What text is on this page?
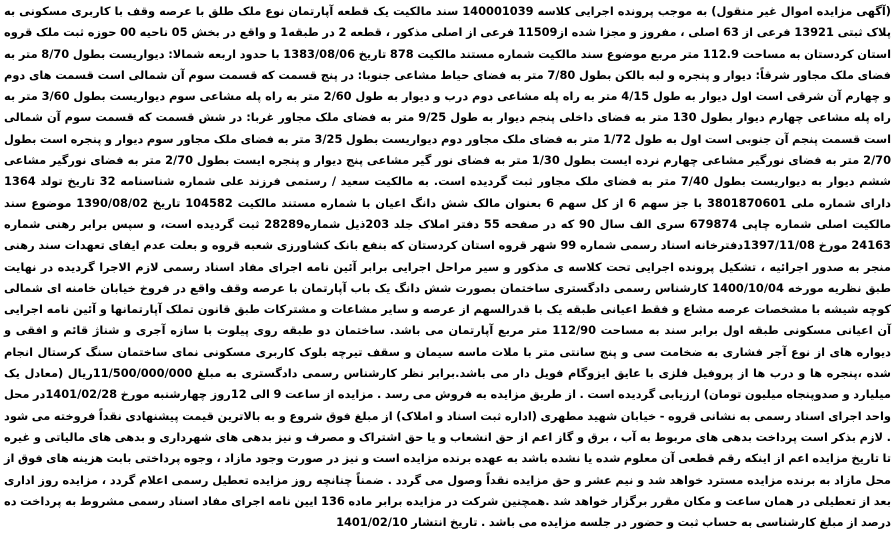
(آگهی مزایده اموال غیر منقول) به موجب پرونده اجرایی کلاسه 140001039 سند مالکیت یک قطعه آپارتمان نوع ملک طلق با عرصه وقف با کاربری مسکونی به پلاک ثبتی 13921 فرعی از 63 اصلی ، مفروز و مجزا شده از11509 فرعی از اصلی مذکور ، قطعه 2 در طبقه1 و واقع در بخش 05 ناحیه 00 حوزه ثبت ملک قروه استان کردستان به مساحت 112.9 متر مربع موضوع سند مالکیت شماره مستند مالکیت 878 تاریخ 1383/08/06 با حدود اربعه شمالا: دیواریست بطول 8/70 متر به فضای ملک مجاور شرقاً: دیوار و پنجره و لبه بالکن بطول 7/80 متر به فضای حیاط مشاعی جنوبا: در پنج قسمت که قسمت سوم آن شمالی است قسمت های دوم و چهارم آن شرقی است اول دیوار به طول 4/15 متر به راه پله مشاعی دوم درب و دیوار به طول 2/60 متر به راه پله مشاعی سوم دیواریست بطول 3/60 متر به راه پله مشاعی چهارم دیوار بطول 130 متر به فضای داخلی پنجم دیوار به طول 9/25 متر به فضای ملک مجاور غربا: در شش قسمت که قسمت سوم آن شمالی است قسمت پنجم آن جنوبی است اول به طول 1/72 متر به فضای ملک مجاور دوم دیواریست بطول 3/25 متر به فضای ملک مجاور سوم دیوار و پنجره است بطول 2/70 متر به فضای نورگیر مشاعی چهارم نرده ایست بطول 1/30 متر به فضای نور گیر مشاعی پنج دیوار و پنجره ایست بطول 2/70 متر به فضای نورگیر مشاعی ششم دیوار به دیواریست بطول 7/40 متر به فضای ملک مجاور ثبت گردیده است. به مالکیت سعید / رستمی فرزند علی شماره شناسنامه 32 تاریخ تولد 1364 دارای شماره ملی 3801870601 با جز سهم 6 از کل سهم 6 بعنوان مالک شش دانگ اعیان با شماره مستند مالکیت 104582 تاریخ 1390/08/02 موضوع سند مالکیت اصلی شماره چاپی 679874 سری الف سال 90 که در صفحه 55 دفتر املاک جلد 203ذیل شماره28289 ثبت گردیده است، و سپس برابر رهنی شماره 24163 مورخ 1397/11/08دفترخانه اسناد رسمی شماره 99 شهر قروه استان کردستان که بنفع بانک کشاورزی شعبه قروه و بعلت عدم ایفای تعهدات سند رهنی منجر به صدور اجرائیه ، تشکیل پرونده اجرایی تحت کلاسه ی مذکور و سیر مراحل اجرایی برابر آئین نامه اجرای مفاد اسناد رسمی لازم الاجرا گردیده در نهایت طبق نظریه مورخه 1400/10/04 کارشناس رسمی دادگستری ساختمان بصورت شش دانگ یک باب آپارتمان با عرصه وقف واقع در فروخ خیابان خامنه ای شمالی کوچه شیشه با مشخصات عرصه مشاع و فقط اعیانی طبقه یک با قدرالسهم از عرصه و سایر مشاعات و مشترکات طبق قانون تملک آپارتمانها و آئین نامه اجرایی آن اعیانی مسکونی طبقه اول برابر سند به مساحت 112/90 متر مربع آپارتمان می باشد. ساختمان دو طبقه روی پیلوت با سازه آجری و شناژ قائم و افقی و دیواره های از نوع آجر فشاری به ضخامت سی و پنج سانتی متر با ملات ماسه سیمان و سقف تیرچه بلوک کاربری مسکونی نمای ساختمان سنگ کرستال انجام شده ،پنجره ها و درب ها از پروفیل فلزی با عایق ایزوگام فویل دار می باشد.برابر نظر کارشناس رسمی دادگستری به مبلغ 11/500/000/000ریال (معادل یک میلیارد و صدوپنجاه میلیون تومان) ارزیابی گردیده است . از طریق مزایده به فروش می رسد . مزایده از ساعت 9 الی 12روز چهارشنبه مورخ 1401/02/28در محل واحد اجرای اسناد رسمی به نشانی قروه - خیابان شهید مطهری (اداره ثبت اسناد و املاک) از مبلغ فوق شروع و به بالاترین قیمت پیشنهادی نقداً فروخته می شود . لازم بذکر است پرداخت بدهی های مربوط به آب ، برق و گاز اعم از حق انشعاب و یا حق اشتراک و مصرف و نیز بدهی های شهرداری و بدهی های مالیاتی و غیره تا تاریخ مزایده اعم از اینکه رقم قطعی آن معلوم شده یا نشده باشد به عهده برنده مزایده است و نیز در صورت وجود مازاد ، وجوه پرداختی بابت هزینه های فوق از محل مازاد به برنده مزایده مسترد خواهد شد و نیم عشر و حق مزایده نقداً وصول می گردد . ضمناً چنانچه روز مزایده تعطیل رسمی اعلام گردد ، مزایده روز اداری بعد از تعطیلی در همان ساعت و مکان مقرر برگزار خواهد شد .همچنین شرکت در مزایده برابر ماده 136 ایین نامه اجرای مفاد اسناد رسمی مشروط به پرداخت ده درصد از مبلغ کارشناسی به حساب ثبت و حضور در جلسه مزایده می باشد . تاریخ انتشار 1401/02/10
